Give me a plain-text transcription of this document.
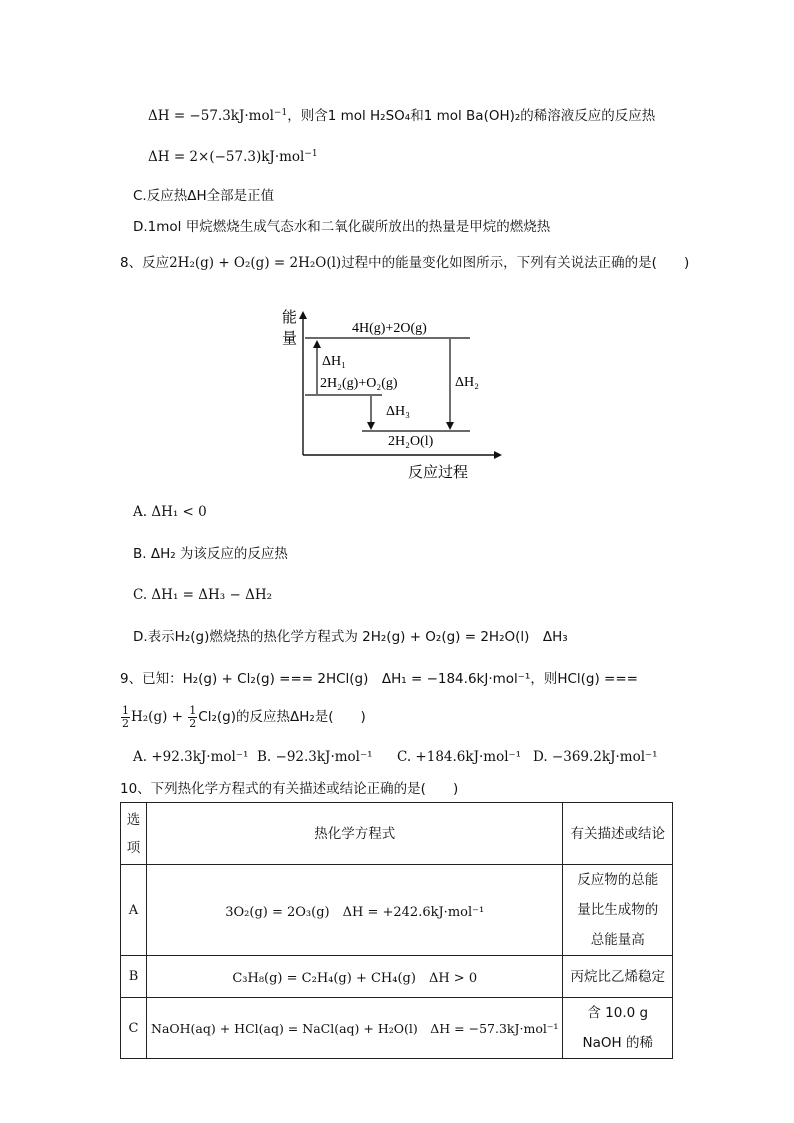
ΔH = −57.3kJ·mol$^{-1}$，则含1 mol H₂SO₄和1 mol Ba(OH)₂的稀溶液反应的反应热
ΔH = 2×(−57.3)kJ·mol$^{-1}$
C.反应热ΔH全部是正值
D.1mol 甲烷燃烧生成气态水和二氧化碳所放出的热量是甲烷的燃烧热
8、反应2H₂(g) + O₂(g) = 2H₂O(l)过程中的能量变化如图所示，下列有关说法正确的是(　　)
能
量
反应过程
4H(g)+2O(g)
2H₂(g)+O₂(g)
2H₂O(l)
ΔH₁
ΔH₂
ΔH₃
A. ΔH₁ < 0
B. ΔH₂ 为该反应的反应热
C. ΔH₁ = ΔH₃ − ΔH₂
D.表示H₂(g)燃烧热的热化学方程式为 2H₂(g) + O₂(g) = 2H₂O(l)　ΔH₃
9、已知：H₂(g) + Cl₂(g) === 2HCl(g)　ΔH₁ = −184.6kJ·mol⁻¹，则HCl(g) ===
$\frac{1}{2} H_2(g) + \frac{1}{2} Cl_2(g)$的反应热ΔH₂是(　　)
A. +92.3kJ·mol⁻¹ B. −92.3kJ·mol⁻¹ C. +184.6kJ·mol⁻¹ D. −369.2kJ·mol⁻¹
10、下列热化学方程式的有关描述或结论正确的是(　　)
选项	热化学方程式	有关描述或结论
A	3O₂(g) = 2O₃(g)　ΔH = +242.6kJ·mol⁻¹	反应物的总能量比生成物的总能量高
B	C₃H₈(g) = C₂H₄(g) + CH₄(g)　ΔH > 0	丙烷比乙烯稳定
C	NaOH(aq) + HCl(aq) = NaCl(aq) + H₂O(l)　ΔH = −57.3kJ·mol⁻¹	含 10.0 g NaOH 的稀
